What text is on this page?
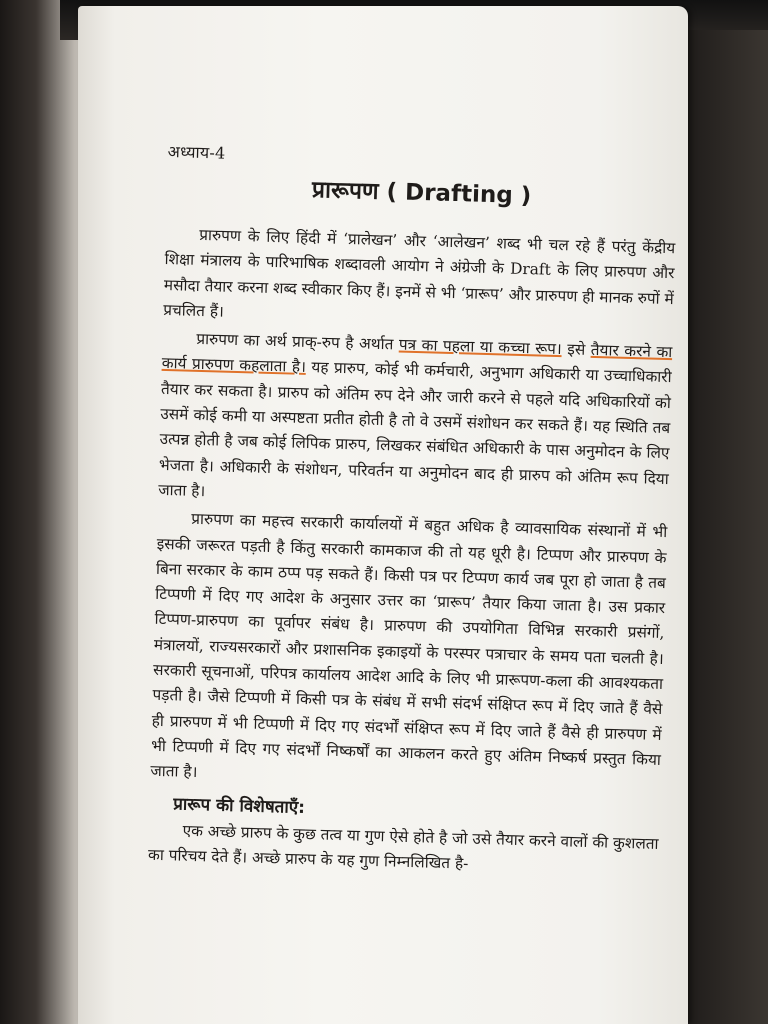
अध्याय-4
प्रारूपण ( Drafting )

प्रारुपण के लिए हिंदी में ‘प्रालेखन’ और ‘आलेखन’ शब्द भी चल रहे हैं परंतु केंद्रीय शिक्षा मंत्रालय के पारिभाषिक शब्दावली आयोग ने अंग्रेजी के Draft के लिए प्रारुपण और मसौदा तैयार करना शब्द स्वीकार किए हैं। इनमें से भी ‘प्रारूप’ और प्रारुपण ही मानक रुपों में प्रचलित हैं।

प्रारुपण का अर्थ प्राक्-रुप है अर्थात पत्र का पहला या कच्चा रूप। इसे तैयार करने का कार्य प्रारुपण कहलाता है। यह प्रारुप, कोई भी कर्मचारी, अनुभाग अधिकारी या उच्चाधिकारी तैयार कर सकता है। प्रारुप को अंतिम रुप देने और जारी करने से पहले यदि अधिकारियों को उसमें कोई कमी या अस्पष्टता प्रतीत होती है तो वे उसमें संशोधन कर सकते हैं। यह स्थिति तब उत्पन्न होती है जब कोई लिपिक प्रारुप, लिखकर संबंधित अधिकारी के पास अनुमोदन के लिए भेजता है। अधिकारी के संशोधन, परिवर्तन या अनुमोदन बाद ही प्रारुप को अंतिम रूप दिया जाता है।

प्रारुपण का महत्त्व सरकारी कार्यालयों में बहुत अधिक है व्यावसायिक संस्थानों में भी इसकी जरूरत पड़ती है किंतु सरकारी कामकाज की तो यह धूरी है। टिप्पण और प्रारुपण के बिना सरकार के काम ठप्प पड़ सकते हैं। किसी पत्र पर टिप्पण कार्य जब पूरा हो जाता है तब टिप्पणी में दिए गए आदेश के अनुसार उत्तर का ‘प्रारूप’ तैयार किया जाता है। उस प्रकार टिप्पण-प्रारुपण का पूर्वापर संबंध है। प्रारुपण की उपयोगिता विभिन्न सरकारी प्रसंगों, मंत्रालयों, राज्यसरकारों और प्रशासनिक इकाइयों के परस्पर पत्राचार के समय पता चलती है। सरकारी सूचनाओं, परिपत्र कार्यालय आदेश आदि के लिए भी प्रारूपण-कला की आवश्यकता पड़ती है। जैसे टिप्पणी में किसी पत्र के संबंध में सभी संदर्भ संक्षिप्त रूप में दिए जाते हैं वैसे ही प्रारुपण में भी टिप्पणी में दिए गए संदर्भों संक्षिप्त रूप में दिए जाते हैं वैसे ही प्रारुपण में भी टिप्पणी में दिए गए संदर्भों निष्कर्षों का आकलन करते हुए अंतिम निष्कर्ष प्रस्तुत किया जाता है।

प्रारूप की विशेषताएँ:

एक अच्छे प्रारुप के कुछ तत्व या गुण ऐसे होते है जो उसे तैयार करने वालों की कुशलता का परिचय देते हैं। अच्छे प्रारुप के यह गुण निम्नलिखित है-
